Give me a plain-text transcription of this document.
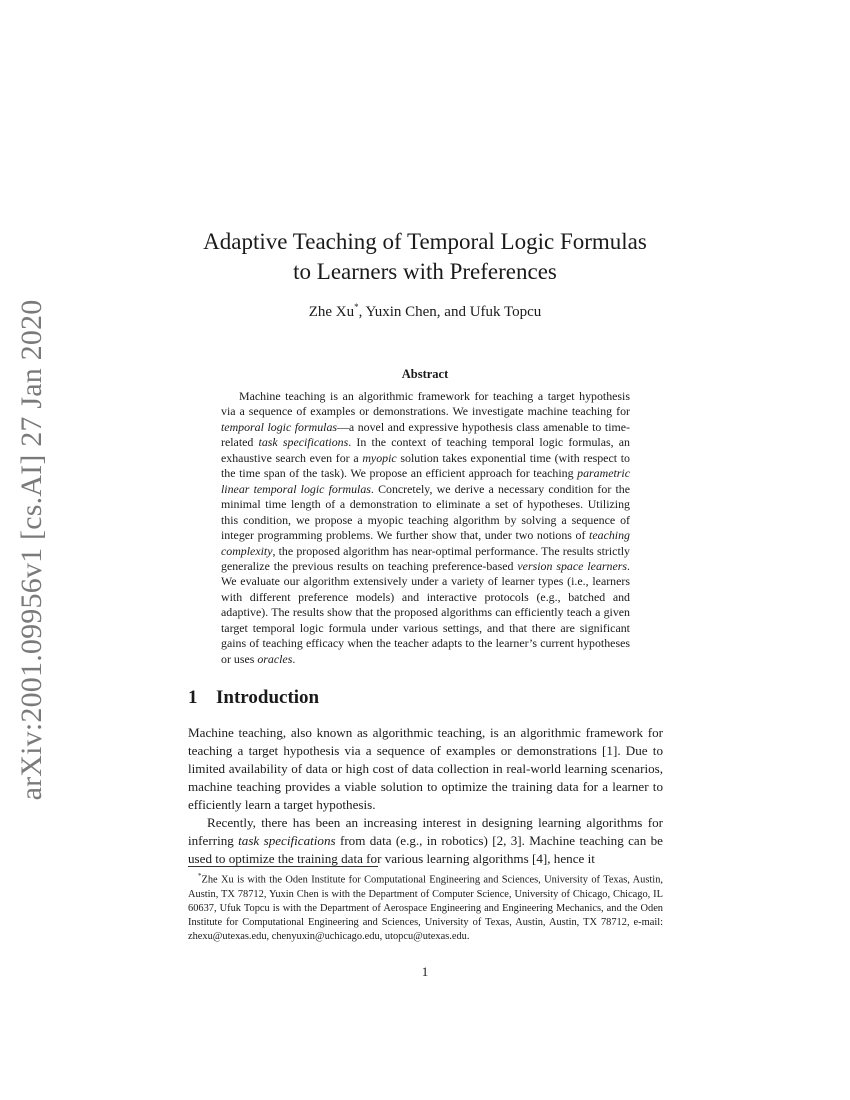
arXiv:2001.09956v1 [cs.AI] 27 Jan 2020
Adaptive Teaching of Temporal Logic Formulas
to Learners with Preferences
Zhe Xu*, Yuxin Chen, and Ufuk Topcu
Abstract

Machine teaching is an algorithmic framework for teaching a target hypothesis via a sequence of examples or demonstrations. We investigate machine teaching for temporal logic formulas—a novel and expressive hypothesis class amenable to time-related task specifications. In the context of teaching temporal logic formulas, an exhaustive search even for a myopic solution takes exponential time (with respect to the time span of the task). We propose an efficient approach for teaching parametric linear temporal logic formulas. Concretely, we derive a necessary condition for the minimal time length of a demonstration to eliminate a set of hypotheses. Utilizing this condition, we propose a myopic teaching algorithm by solving a sequence of integer programming problems. We further show that, under two notions of teaching complexity, the proposed algorithm has near-optimal performance. The results strictly generalize the previous results on teaching preference-based version space learners. We evaluate our algorithm extensively under a variety of learner types (i.e., learners with different preference models) and interactive protocols (e.g., batched and adaptive). The results show that the proposed algorithms can efficiently teach a given target temporal logic formula under various settings, and that there are significant gains of teaching efficacy when the teacher adapts to the learner’s current hypotheses or uses oracles.

1 Introduction

Machine teaching, also known as algorithmic teaching, is an algorithmic framework for teaching a target hypothesis via a sequence of examples or demonstrations [1]. Due to limited availability of data or high cost of data collection in real-world learning scenarios, machine teaching provides a viable solution to optimize the training data for a learner to efficiently learn a target hypothesis.

Recently, there has been an increasing interest in designing learning algorithms for inferring task specifications from data (e.g., in robotics) [2, 3]. Machine teaching can be used to optimize the training data for various learning algorithms [4], hence it

*Zhe Xu is with the Oden Institute for Computational Engineering and Sciences, University of Texas, Austin, Austin, TX 78712, Yuxin Chen is with the Department of Computer Science, University of Chicago, Chicago, IL 60637, Ufuk Topcu is with the Department of Aerospace Engineering and Engineering Mechanics, and the Oden Institute for Computational Engineering and Sciences, University of Texas, Austin, Austin, TX 78712, e-mail: zhexu@utexas.edu, chenyuxin@uchicago.edu, utopcu@utexas.edu.
1
